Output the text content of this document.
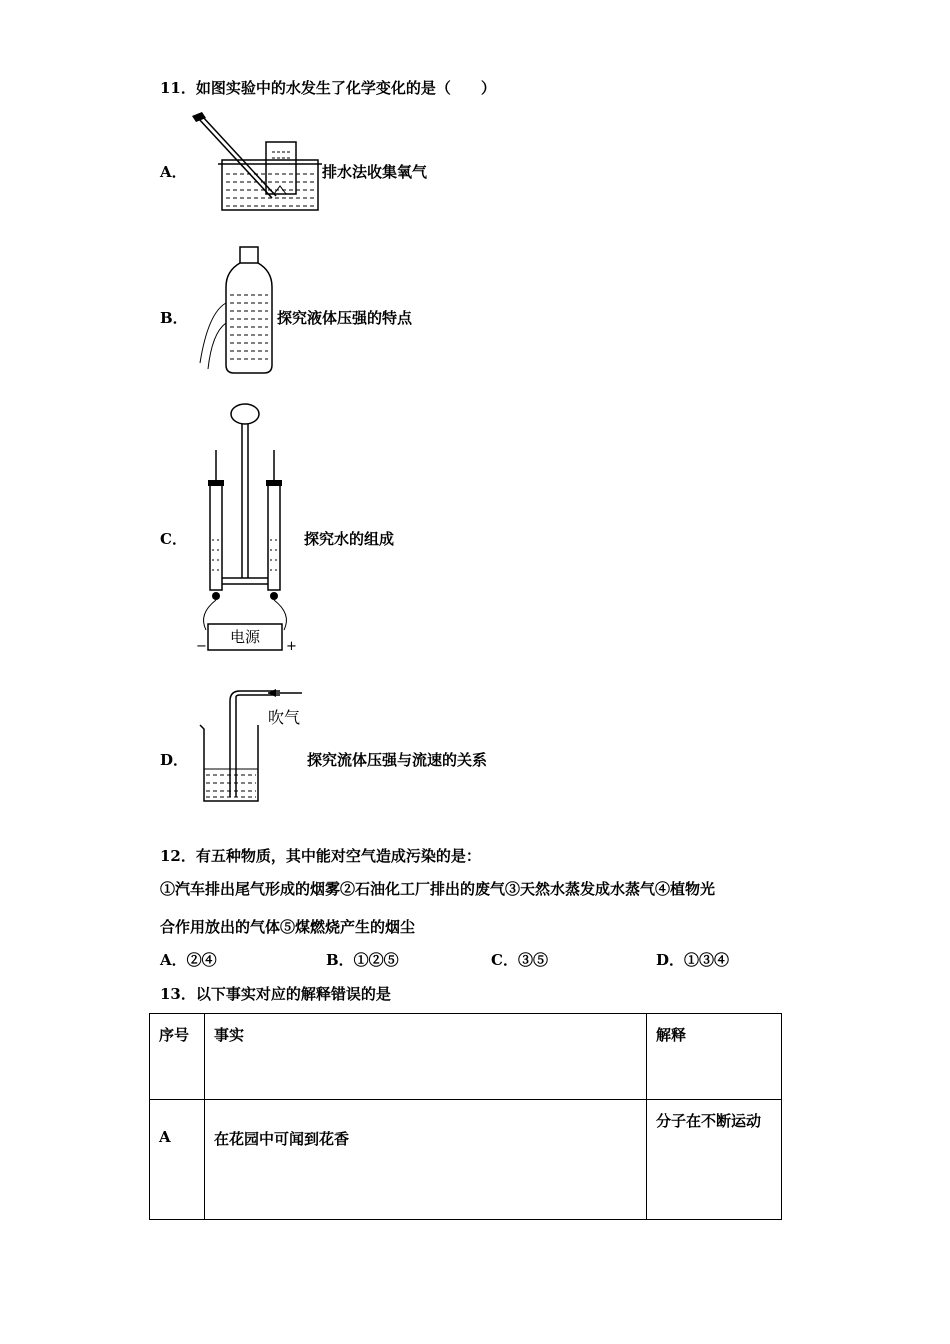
11．如图实验中的水发生了化学变化的是（　　）
A．	排水法收集氧气
B．	探究液体压强的特点
C．
电源
−	+
探究水的组成
D．
吹气
探究流体压强与流速的关系
12．有五种物质，其中能对空气造成污染的是：
①汽车排出尾气形成的烟雾②石油化工厂排出的废气③天然水蒸发成水蒸气④植物光
合作用放出的气体⑤煤燃烧产生的烟尘
A．②④	B．①②⑤	C．③⑤	D．①③④
13．以下事实对应的解释错误的是
序号	事实	解释
A	在花园中可闻到花香	分子在不断运动
